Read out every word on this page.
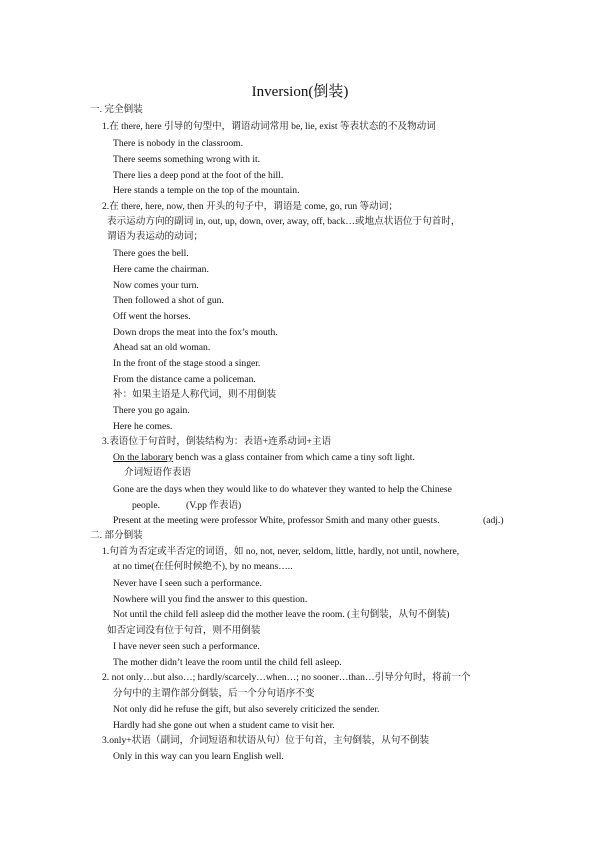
Inversion(倒装)
一. 完全倒装
1.在 there, here 引导的句型中，谓语动词常用 be, lie, exist 等表状态的不及物动词
There is nobody in the classroom.
There seems something wrong with it.
There lies a deep pond at the foot of the hill.
Here stands a temple on the top of the mountain.
2.在 there, here, now, then 开头的句子中，谓语是 come, go, run 等动词；
表示运动方向的副词 in, out, up, down, over, away, off, back…或地点状语位于句首时，
谓语为表运动的动词；
There goes the bell.
Here came the chairman.
Now comes your turn.
Then followed a shot of gun.
Off went the horses.
Down drops the meat into the fox’s mouth.
Ahead sat an old woman.
In the front of the stage stood a singer.
From the distance came a policeman.
补：如果主语是人称代词，则不用倒装
There you go again.
Here he comes.
3.表语位于句首时，倒装结构为：表语+连系动词+主语
On the laborary bench was a glass container from which came a tiny soft light.
介词短语作表语
Gone are the days when they would like to do whatever they wanted to help the Chinese
people.	(V.pp 作表语)
Present at the meeting were professor White, professor Smith and many other guests.	(adj.)
二. 部分倒装
1.句首为否定或半否定的词语，如 no, not, never, seldom, little, hardly, not until, nowhere,
at no time(在任何时候绝不), by no means…..
Never have I seen such a performance.
Nowhere will you find the answer to this question.
Not until the child fell asleep did the mother leave the room. (主句倒装，从句不倒装)
如否定词没有位于句首，则不用倒装
I have never seen such a performance.
The mother didn’t leave the room until the child fell asleep.
2. not only…but also…; hardly/scarcely…when…; no sooner…than…引导分句时，将前一个
分句中的主谓作部分倒装，后一个分句语序不变
Not only did he refuse the gift, but also severely criticized the sender.
Hardly had she gone out when a student came to visit her.
3.only+状语（副词，介词短语和状语从句）位于句首，主句倒装，从句不倒装
Only in this way can you learn English well.
